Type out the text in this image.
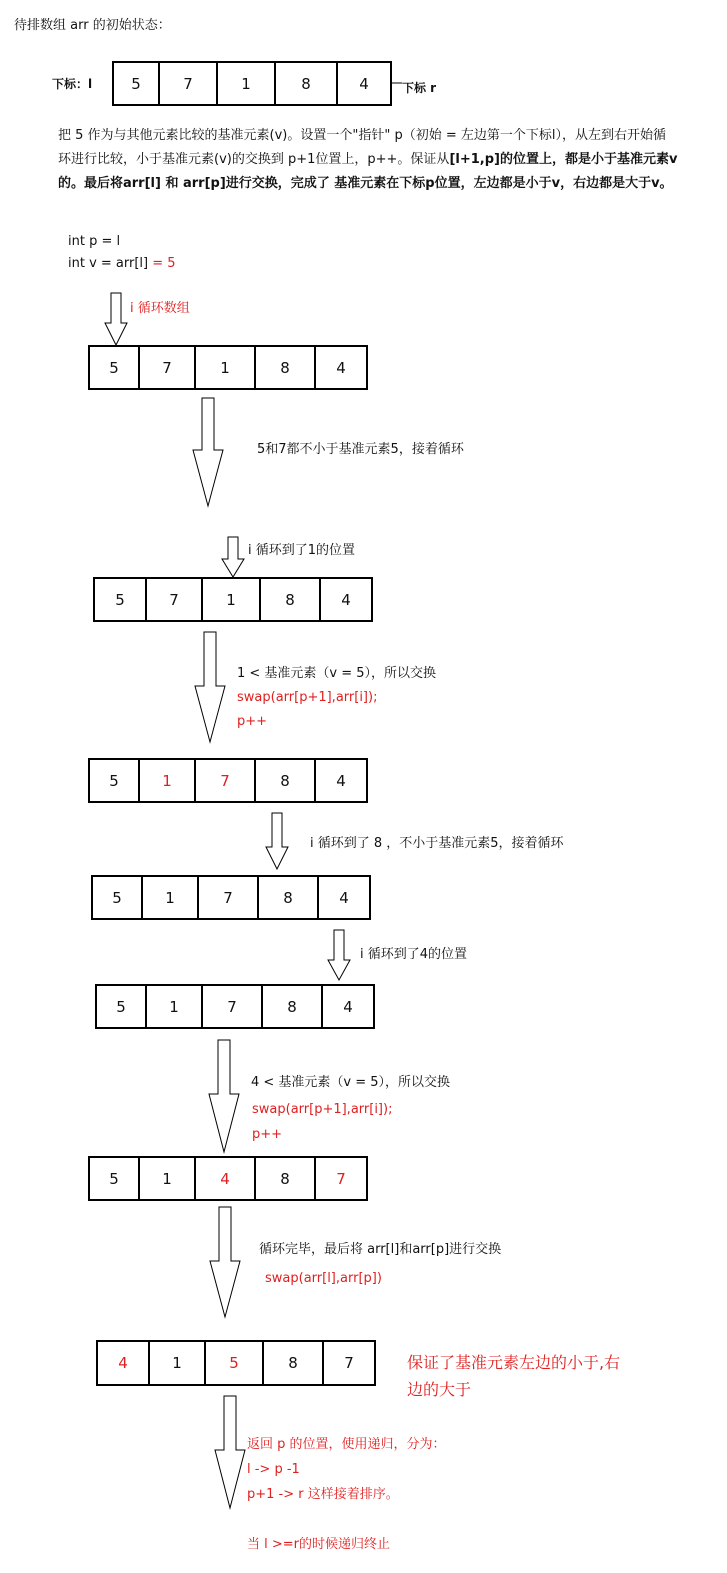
待排数组 arr 的初始状态：
下标：l	5	7	1	8	4	下标 r
把 5 作为与其他元素比较的基准元素(v)。设置一个"指针" p（初始 = 左边第一个下标l），从左到右开始循环进行比较，小于基准元素(v)的交换到 p+1位置上，p++。保证从[l+1,p]的位置上，都是小于基准元素v的。最后将arr[l] 和 arr[p]进行交换，完成了 基准元素在下标p位置，左边都是小于v，右边都是大于v。
int p = l
int v = arr[l] = 5
i 循环数组
5	7	1	8	4
5和7都不小于基准元素5，接着循环
i 循环到了1的位置
5	7	1	8	4
1 < 基准元素（v = 5），所以交换
swap(arr[p+1],arr[i]);
p++
5	1	7	8	4
i 循环到了 8 ，不小于基准元素5，接着循环
5	1	7	8	4
i 循环到了4的位置
5	1	7	8	4
4 < 基准元素（v = 5），所以交换
swap(arr[p+1],arr[i]);
p++
5	1	4	8	7
循环完毕，最后将 arr[l]和arr[p]进行交换
swap(arr[l],arr[p])
4	1	5	8	7	保证了基准元素左边的小于,右
边的大于
返回 p 的位置，使用递归，分为：
l -> p -1
p+1 -> r 这样接着排序。
当 l >=r的时候递归终止
